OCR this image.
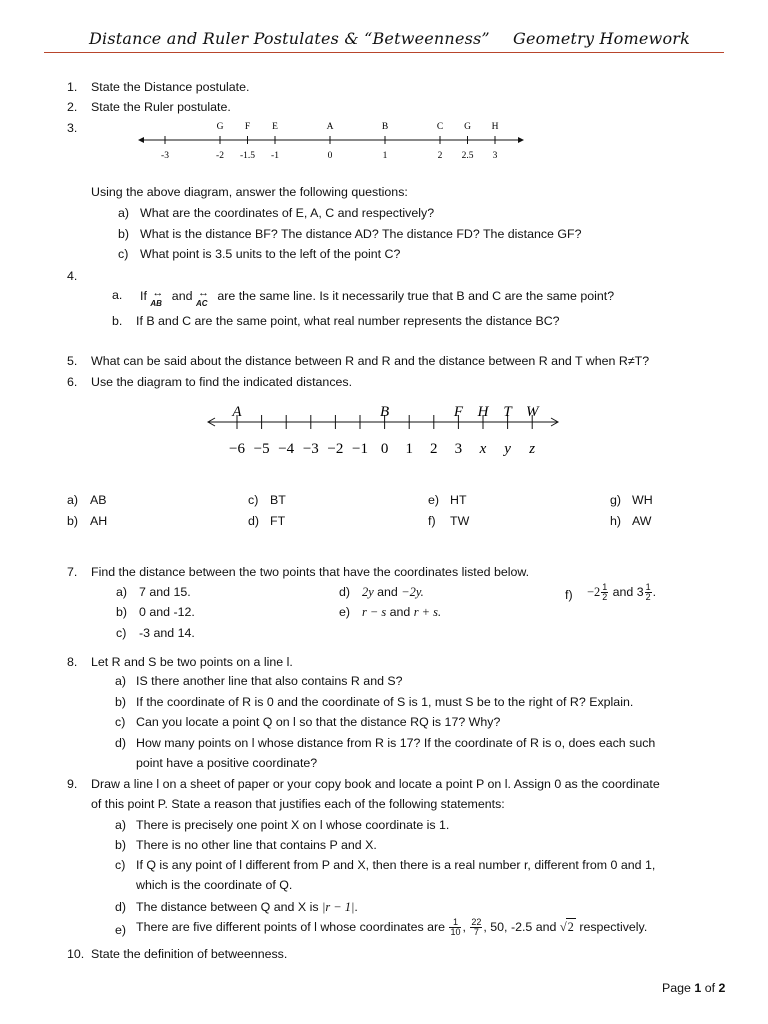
Distance and Ruler Postulates & “Betweenness” Geometry Homework
1. State the Distance postulate.
2. State the Ruler postulate.
3.
0	1	2	3
-2 -1.5 -1	2.5
-3
G F E	A	B	C G H
Using the above diagram, answer the following questions:
a) What are the coordinates of E, A, C and respectively?
b) What is the distance BF? The distance AD? The distance FD? The distance GF?
c) What point is 3.5 units to the left of the point C?
4.
a. If ↔
AB
and ↔
AC
are the same line. Is it necessarily true that B and C are the same point?
b. If B and C are the same point, what real number represents the distance BC?
5. What can be said about the distance between R and R and the distance between R and T when R≠T?
6. Use the diagram to find the indicated distances.
−6 −5 −4 −3 −2 −1 0 1 2 3 x y z
A	B	F H T W
a) AB
b) AH
c) BT
d) FT
e) HT
f) TW
g) WH
h) AW
7. Find the distance between the two points that have the coordinates listed below.
a) 7 and 15.
b) 0 and -12.
c) -3 and 14.
d) 2y and −2y.
e) r − s and r + s.
$f) -2 \frac{1}{2}$ and $3 \frac{1}{2}$ .
8. Let R and S be two points on a line l.
a) IS there another line that also contains R and S?
b) If the coordinate of R is 0 and the coordinate of S is 1, must S be to the right of R? Explain.
c) Can you locate a point Q on l so that the distance RQ is 17? Why?
d) How many points on l whose distance from R is 17? If the coordinate of R is o, does each such
point have a positive coordinate?
9. Draw a line l on a sheet of paper or your copy book and locate a point P on l. Assign 0 as the coordinate
of this point P. State a reason that justifies each of the following statements:
a) There is precisely one point X on l whose coordinate is 1.
b) There is no other line that contains P and X.
c) If Q is any point of l different from P and X, then there is a real number r, different from 0 and 1,
which is the coordinate of Q.
d) The distance between Q and X is |r − 1|.
e) There are five different points of l whose coordinates are $\frac{1}{10}$ , $\frac{22}{7}$ , 50, -2.5 and √2 respectively.
10. State the definition of betweenness.
Page 1 of 2
